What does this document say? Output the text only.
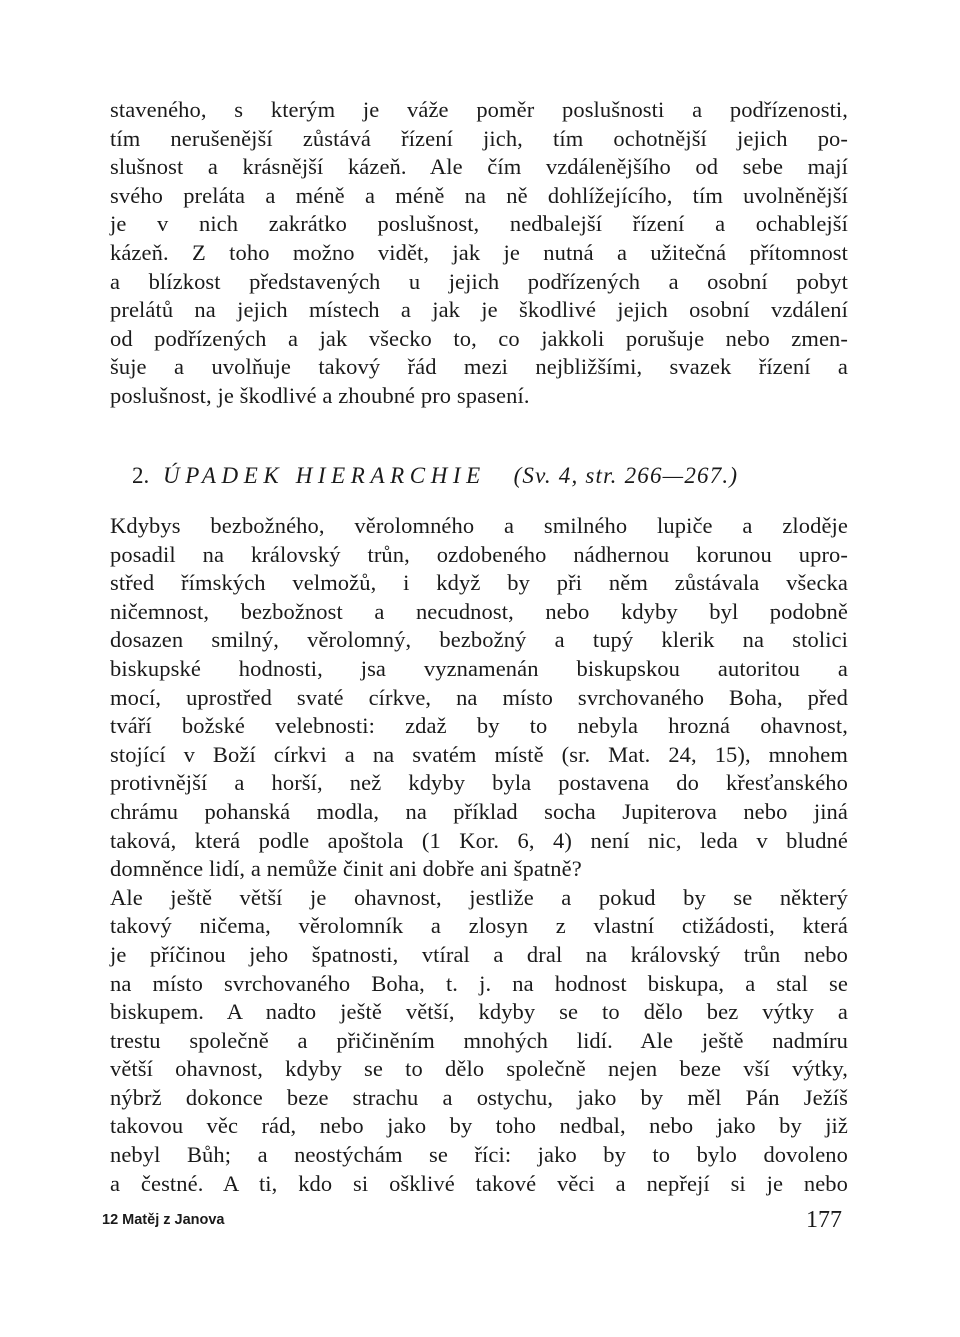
staveného, s kterým je váže poměr poslušnosti a podřízenosti,
tím nerušenější zůstává řízení jich, tím ochotnější jejich po-
slušnost a krásnější kázeň. Ale čím vzdálenějšího od sebe mají
svého preláta a méně a méně na ně dohlížejícího, tím uvolněnější
je v nich zakrátko poslušnost, nedbalejší řízení a ochablejší
kázeň. Z toho možno vidět, jak je nutná a užitečná přítomnost
a blízkost představených u jejich podřízených a osobní pobyt
prelátů na jejich místech a jak je škodlivé jejich osobní vzdálení
od podřízených a jak všecko to, co jakkoli porušuje nebo zmen-
šuje a uvolňuje takový řád mezi nejbližšími, svazek řízení a
poslušnost, je škodlivé a zhoubné pro spasení.
2. ÚPADEK HIERARCHIE (Sv. 4, str. 266—267.)
Kdybys bezbožného, věrolomného a smilného lupiče a zloděje
posadil na královský trůn, ozdobeného nádhernou korunou upro-
střed římských velmožů, i když by při něm zůstávala všecka
ničemnost, bezbožnost a necudnost, nebo kdyby byl podobně
dosazen smilný, věrolomný, bezbožný a tupý klerik na stolici
biskupské hodnosti, jsa vyznamenán biskupskou autoritou a
mocí, uprostřed svaté církve, na místo svrchovaného Boha, před
tváří božské velebnosti: zdaž by to nebyla hrozná ohavnost,
stojící v Boží církvi a na svatém místě (sr. Mat. 24, 15), mnohem
protivnější a horší, než kdyby byla postavena do křesťanského
chrámu pohanská modla, na příklad socha Jupiterova nebo jiná
taková, která podle apoštola (1 Kor. 6, 4) není nic, leda v bludné
domněnce lidí, a nemůže činit ani dobře ani špatně?
Ale ještě větší je ohavnost, jestliže a pokud by se některý
takový ničema, věrolomník a zlosyn z vlastní ctižádosti, která
je příčinou jeho špatnosti, vtíral a dral na královský trůn nebo
na místo svrchovaného Boha, t. j. na hodnost biskupa, a stal se
biskupem. A nadto ještě větší, kdyby se to dělo bez výtky a
trestu společně a přičiněním mnohých lidí. Ale ještě nadmíru
větší ohavnost, kdyby se to dělo společně nejen beze vší výtky,
nýbrž dokonce beze strachu a ostychu, jako by měl Pán Ježíš
takovou věc rád, nebo jako by toho nedbal, nebo jako by již
nebyl Bůh; a neostýchám se říci: jako by to bylo dovoleno
a čestné. A ti, kdo si ošklivé takové věci a nepřejí si je nebo
12 Matěj z Janova	177
